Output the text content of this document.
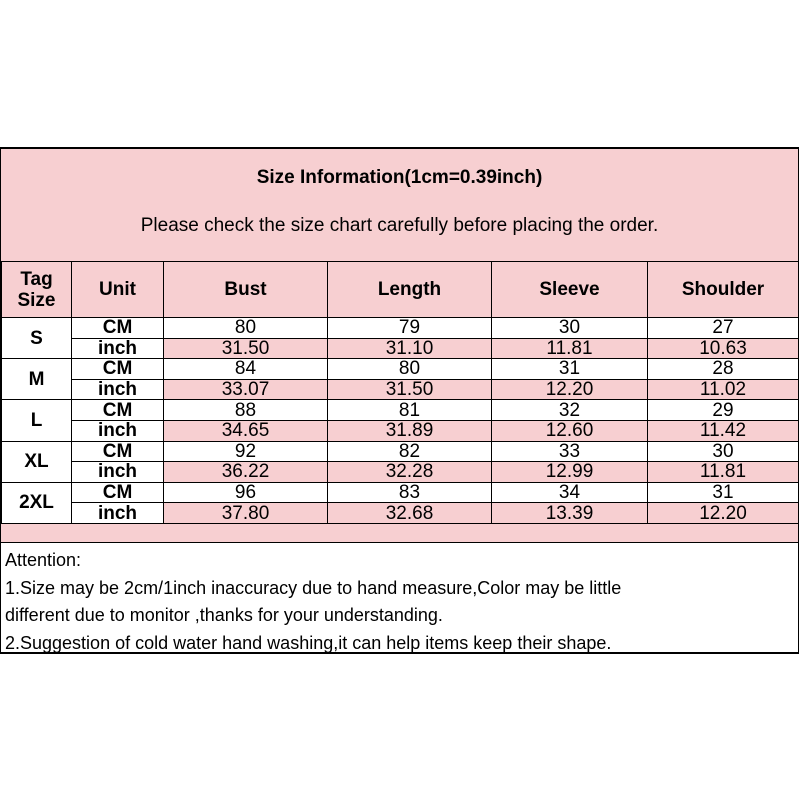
Size Information(1cm=0.39inch)
Please check the size chart carefully before placing the order.
Tag
Size	Unit	Bust	Length	Sleeve	Shoulder
S	CM	80	79	30	27
	inch	31.50	31.10	11.81	10.63
M	CM	84	80	31	28
	inch	33.07	31.50	12.20	11.02
L	CM	88	81	32	29
	inch	34.65	31.89	12.60	11.42
XL	CM	92	82	33	30
	inch	36.22	32.28	12.99	11.81
2XL	CM	96	83	34	31
	inch	37.80	32.68	13.39	12.20
Attention:
1.Size may be 2cm/1inch inaccuracy due to hand measure,Color may be little
different due to monitor ,thanks for your understanding.
2.Suggestion of cold water hand washing,it can help items keep their shape.
